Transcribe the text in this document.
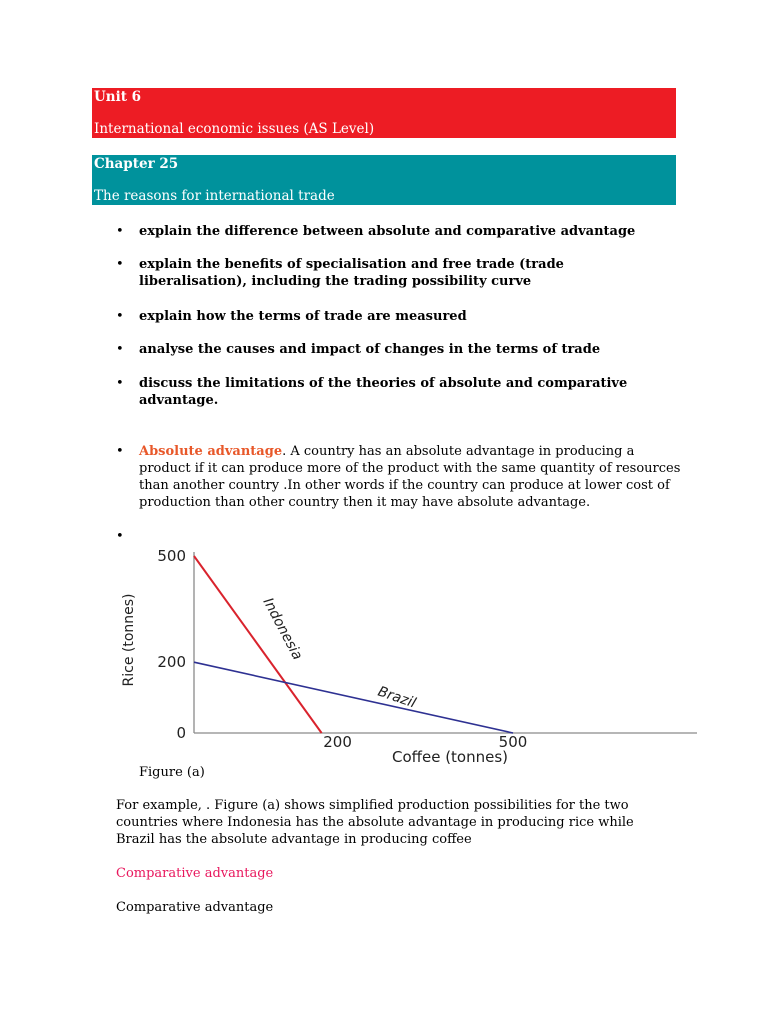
Unit 6
International economic issues (AS Level)
Chapter 25
The reasons for international trade
• explain the difference between absolute and comparative advantage
• explain the benefits of specialisation and free trade (trade liberalisation), including the trading possibility curve
• explain how the terms of trade are measured
• analyse the causes and impact of changes in the terms of trade
• discuss the limitations of the theories of absolute and comparative advantage.
• Absolute advantage. A country has an absolute advantage in producing a product if it can produce more of the product with the same quantity of resources than another country .In other words if the country can produce at lower cost of production than other country then it may have absolute advantage.
•
500
200
0	200	500
Coffee (tonnes)
Rice (tonnes)	Indonesia
Brazil
Figure (a)
For example, . Figure (a) shows simplified production possibilities for the two countries where Indonesia has the absolute advantage in producing rice while Brazil has the absolute advantage in producing coffee
Comparative advantage
Comparative advantage
